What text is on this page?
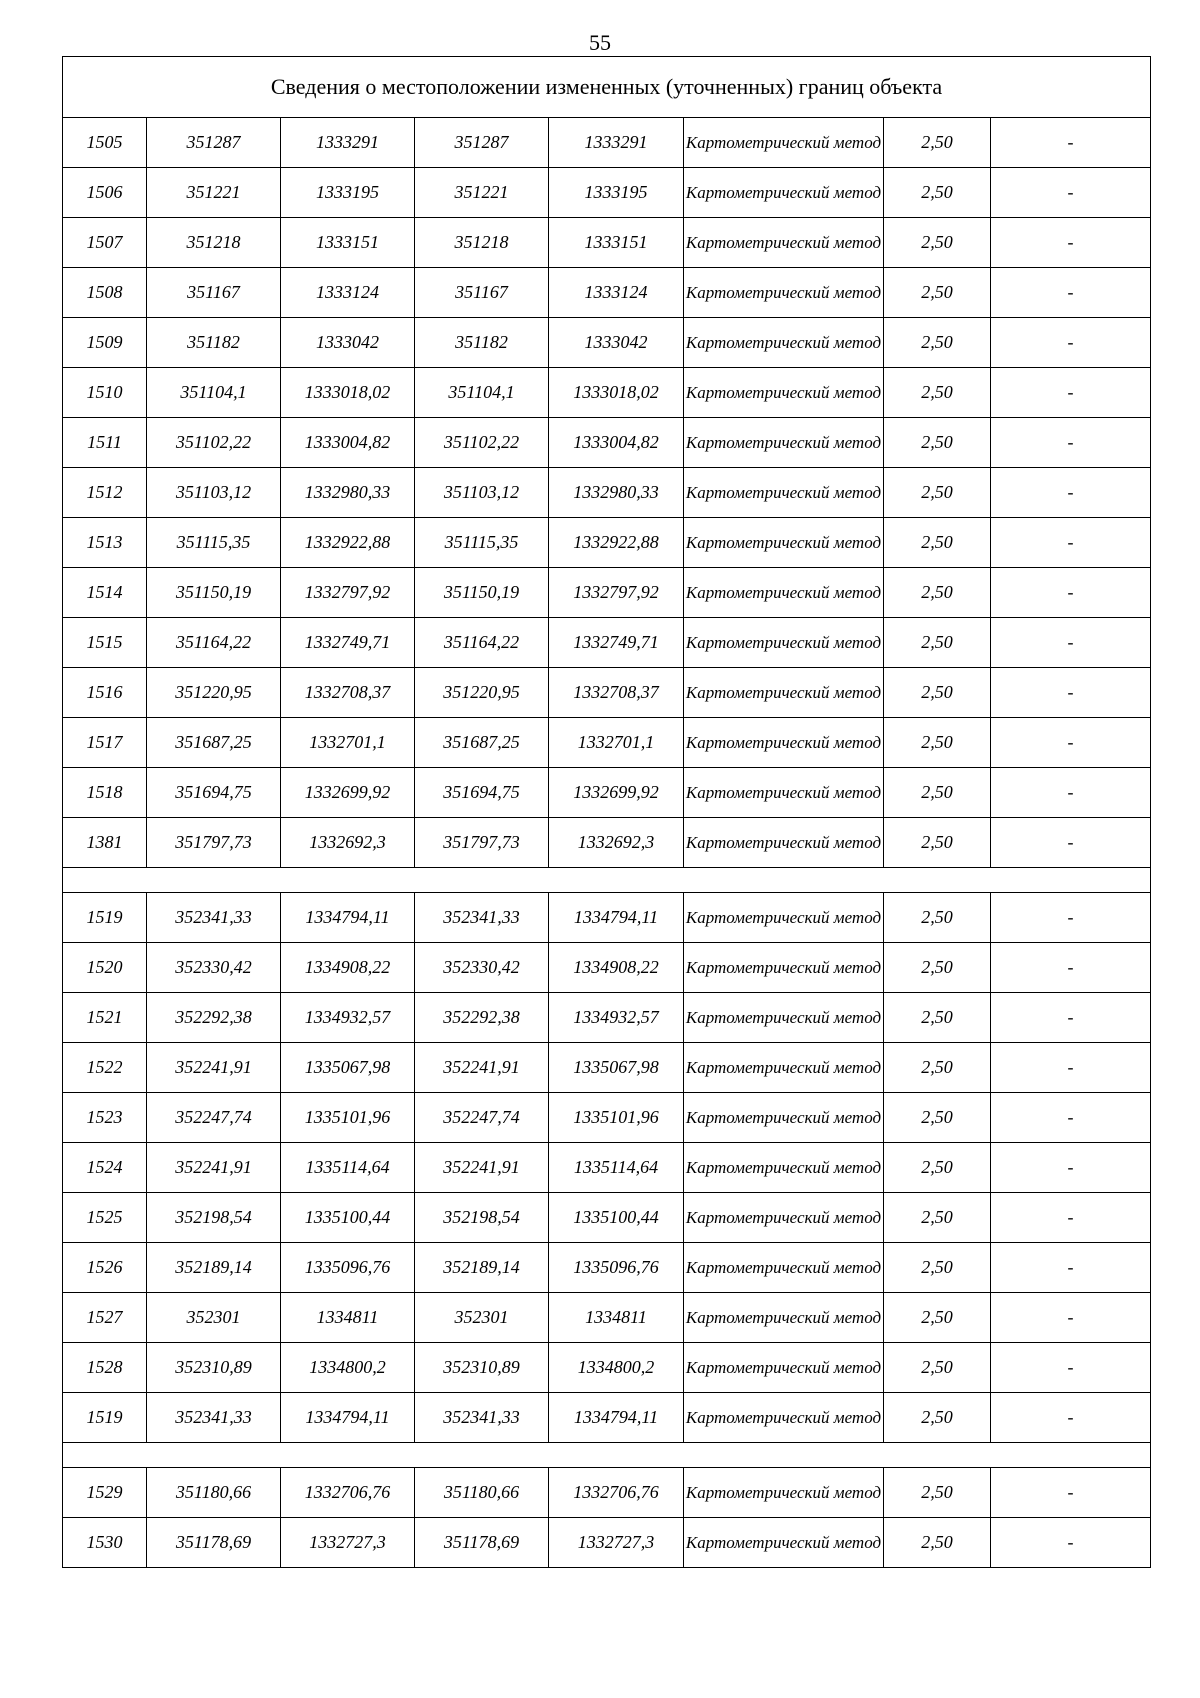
55
Сведения о местоположении измененных (уточненных) границ объекта							
1505	351287	1333291	351287	1333291	Картометрический метод	2,50	-
1506	351221	1333195	351221	1333195	Картометрический метод	2,50	-
1507	351218	1333151	351218	1333151	Картометрический метод	2,50	-
1508	351167	1333124	351167	1333124	Картометрический метод	2,50	-
1509	351182	1333042	351182	1333042	Картометрический метод	2,50	-
1510	351104,1	1333018,02	351104,1	1333018,02	Картометрический метод	2,50	-
1511	351102,22	1333004,82	351102,22	1333004,82	Картометрический метод	2,50	-
1512	351103,12	1332980,33	351103,12	1332980,33	Картометрический метод	2,50	-
1513	351115,35	1332922,88	351115,35	1332922,88	Картометрический метод	2,50	-
1514	351150,19	1332797,92	351150,19	1332797,92	Картометрический метод	2,50	-
1515	351164,22	1332749,71	351164,22	1332749,71	Картометрический метод	2,50	-
1516	351220,95	1332708,37	351220,95	1332708,37	Картометрический метод	2,50	-
1517	351687,25	1332701,1	351687,25	1332701,1	Картометрический метод	2,50	-
1518	351694,75	1332699,92	351694,75	1332699,92	Картометрический метод	2,50	-
1381	351797,73	1332692,3	351797,73	1332692,3	Картометрический метод	2,50	-

1519	352341,33	1334794,11	352341,33	1334794,11	Картометрический метод	2,50	-
1520	352330,42	1334908,22	352330,42	1334908,22	Картометрический метод	2,50	-
1521	352292,38	1334932,57	352292,38	1334932,57	Картометрический метод	2,50	-
1522	352241,91	1335067,98	352241,91	1335067,98	Картометрический метод	2,50	-
1523	352247,74	1335101,96	352247,74	1335101,96	Картометрический метод	2,50	-
1524	352241,91	1335114,64	352241,91	1335114,64	Картометрический метод	2,50	-
1525	352198,54	1335100,44	352198,54	1335100,44	Картометрический метод	2,50	-
1526	352189,14	1335096,76	352189,14	1335096,76	Картометрический метод	2,50	-
1527	352301	1334811	352301	1334811	Картометрический метод	2,50	-
1528	352310,89	1334800,2	352310,89	1334800,2	Картометрический метод	2,50	-
1519	352341,33	1334794,11	352341,33	1334794,11	Картометрический метод	2,50	-

1529	351180,66	1332706,76	351180,66	1332706,76	Картометрический метод	2,50	-
1530	351178,69	1332727,3	351178,69	1332727,3	Картометрический метод	2,50	-
